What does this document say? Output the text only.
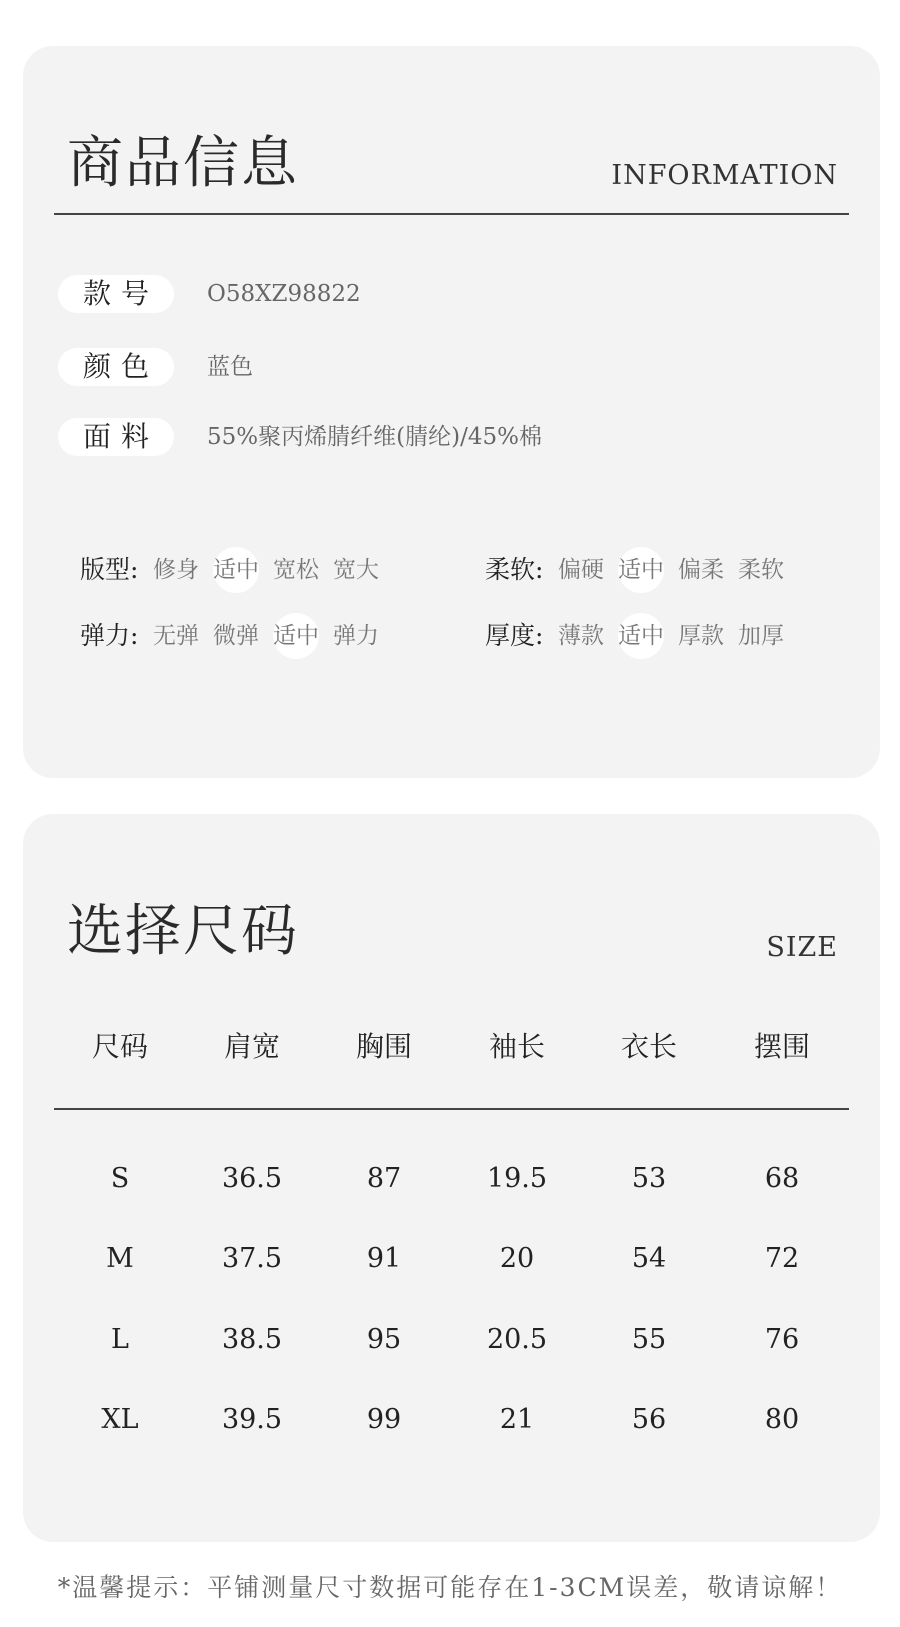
商品信息	INFORMATION
款号	O58XZ98822
颜色	蓝色
面料	55%聚丙烯腈纤维(腈纶)/45%棉
版型: 修身 适中 宽松 宽大	柔软: 偏硬 适中 偏柔 柔软
弹力: 无弹 微弹 适中 弹力	厚度: 薄款 适中 厚款 加厚
选择尺码	SIZE
尺码	肩宽	胸围	袖长	衣长	摆围
S	36.5	87	19.5	53	68
M	37.5	91	20	54	72
L	38.5	95	20.5	55	76
XL	39.5	99	21	56	80
*温馨提示：平铺测量尺寸数据可能存在1-3CM误差，敬请谅解！
